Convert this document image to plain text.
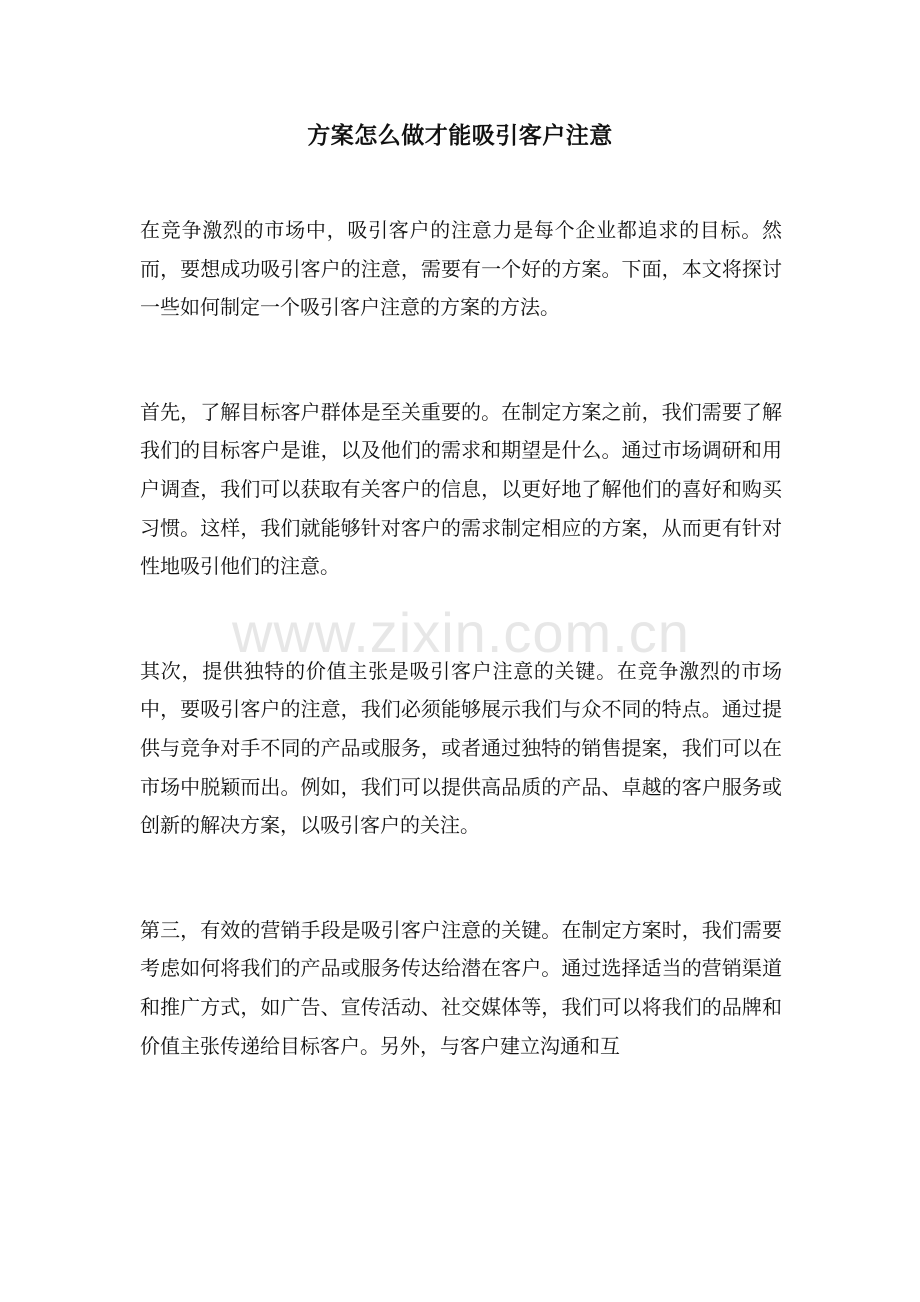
方案怎么做才能吸引客户注意

在竞争激烈的市场中，吸引客户的注意力是每个企业都追求的目标。然而，要想成功吸引客户的注意，需要有一个好的方案。下面，本文将探讨一些如何制定一个吸引客户注意的方案的方法。

首先，了解目标客户群体是至关重要的。在制定方案之前，我们需要了解我们的目标客户是谁，以及他们的需求和期望是什么。通过市场调研和用户调查，我们可以获取有关客户的信息，以更好地了解他们的喜好和购买习惯。这样，我们就能够针对客户的需求制定相应的方案，从而更有针对性地吸引他们的注意。

其次，提供独特的价值主张是吸引客户注意的关键。在竞争激烈的市场中，要吸引客户的注意，我们必须能够展示我们与众不同的特点。通过提供与竞争对手不同的产品或服务，或者通过独特的销售提案，我们可以在市场中脱颖而出。例如，我们可以提供高品质的产品、卓越的客户服务或创新的解决方案，以吸引客户的关注。

第三，有效的营销手段是吸引客户注意的关键。在制定方案时，我们需要考虑如何将我们的产品或服务传达给潜在客户。通过选择适当的营销渠道和推广方式，如广告、宣传活动、社交媒体等，我们可以将我们的品牌和价值主张传递给目标客户。另外，与客户建立沟通和互

www.zixin.com.cn
